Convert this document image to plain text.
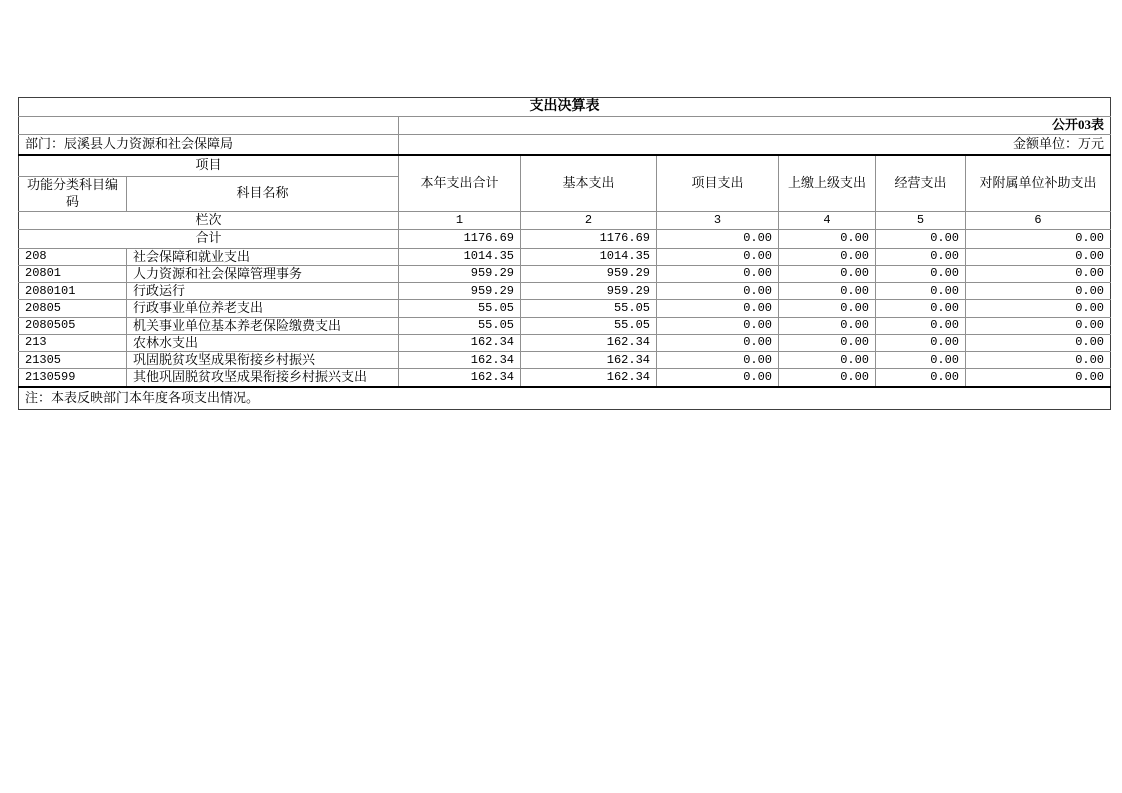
支出决算表							
		公开03表					
部门：辰溪县人力资源和社会保障局		金额单位：万元					
项目		本年支出合计	基本支出	项目支出	上缴上级支出	经营支出	对附属单位补助支出
功能分类科目编码	科目名称						
栏次		1	2	3	4	5	6
合计		1176.69	1176.69	0.00	0.00	0.00	0.00
208	社会保障和就业支出	1014.35	1014.35	0.00	0.00	0.00	0.00
20801	人力资源和社会保障管理事务	959.29	959.29	0.00	0.00	0.00	0.00
2080101	行政运行	959.29	959.29	0.00	0.00	0.00	0.00
20805	行政事业单位养老支出	55.05	55.05	0.00	0.00	0.00	0.00
2080505	机关事业单位基本养老保险缴费支出	55.05	55.05	0.00	0.00	0.00	0.00
213	农林水支出	162.34	162.34	0.00	0.00	0.00	0.00
21305	巩固脱贫攻坚成果衔接乡村振兴	162.34	162.34	0.00	0.00	0.00	0.00
2130599	其他巩固脱贫攻坚成果衔接乡村振兴支出	162.34	162.34	0.00	0.00	0.00	0.00
注：本表反映部门本年度各项支出情况。							
